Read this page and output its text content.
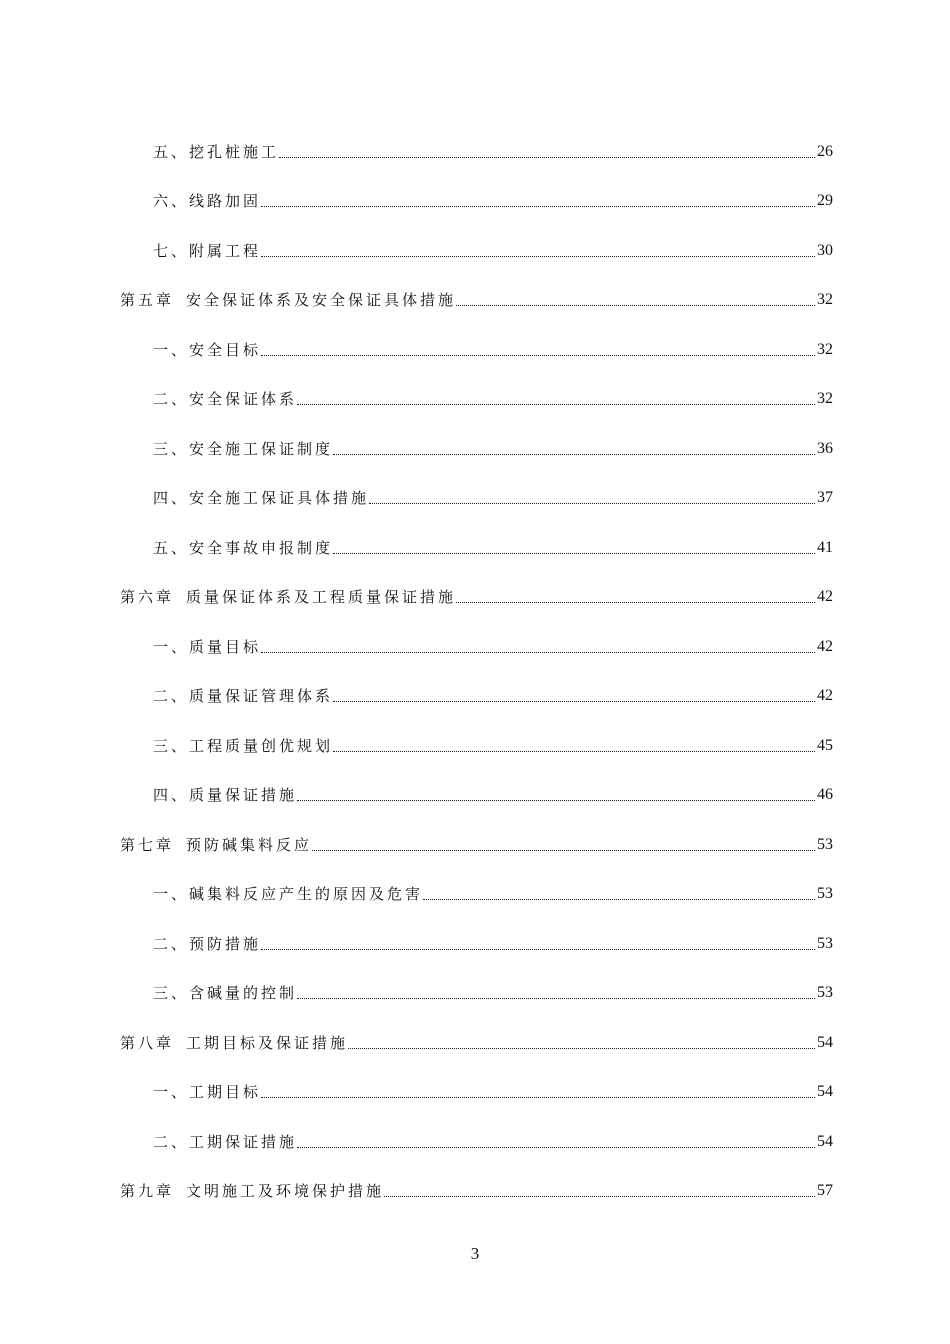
五、挖孔桩施工	26
六、线路加固	29
七、附属工程	30
第五章 安全保证体系及安全保证具体措施	32
一、安全目标	32
二、安全保证体系	32
三、安全施工保证制度	36
四、安全施工保证具体措施	37
五、安全事故申报制度	41
第六章 质量保证体系及工程质量保证措施	42
一、质量目标	42
二、质量保证管理体系	42
三、工程质量创优规划	45
四、质量保证措施	46
第七章 预防碱集料反应	53
一、碱集料反应产生的原因及危害	53
二、预防措施	53
三、含碱量的控制	53
第八章 工期目标及保证措施	54
一、工期目标	54
二、工期保证措施	54
第九章 文明施工及环境保护措施	57
3
